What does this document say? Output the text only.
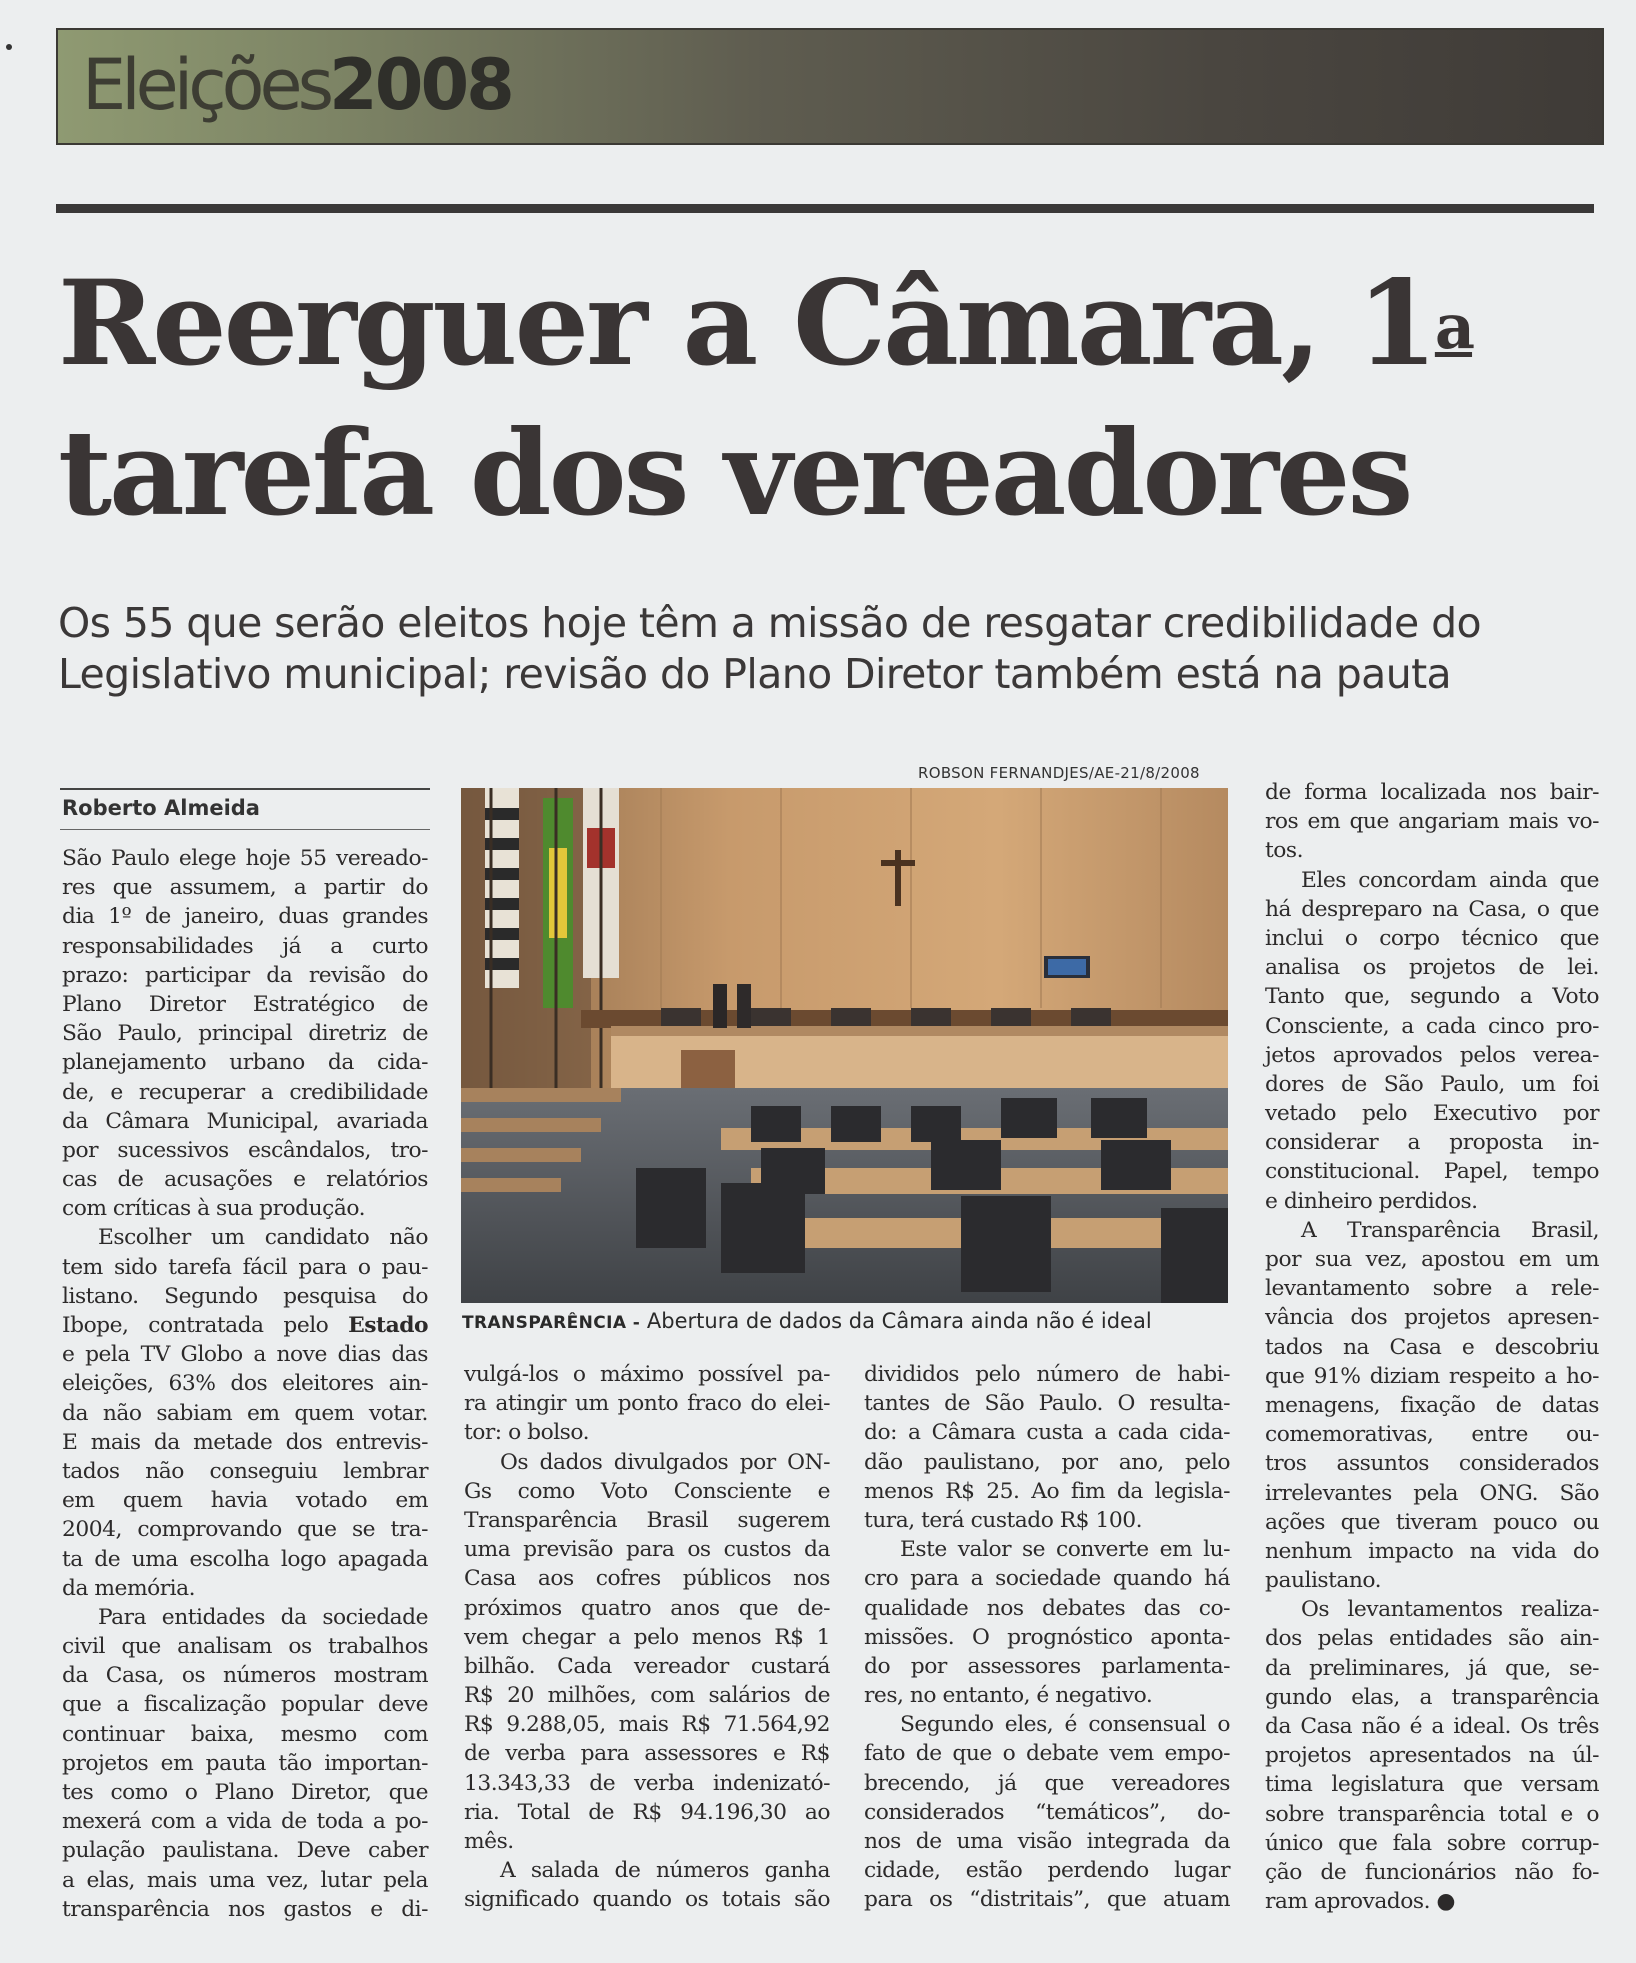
Eleições2008
Reerguer a Câmara, 1$^a$
tarefa dos vereadores
Os 55 que serão eleitos hoje têm a missão de resgatar credibilidade do
Legislativo municipal; revisão do Plano Diretor também está na pauta
Roberto Almeida
ROBSON FERNANDJES/AE-21/8/2008
TRANSPARÊNCIA - Abertura de dados da Câmara ainda não é ideal
São Paulo elege hoje 55 vereado-
res que assumem, a partir do
dia 1º de janeiro, duas grandes
responsabilidades já a curto
prazo: participar da revisão do
Plano Diretor Estratégico de
São Paulo, principal diretriz de
planejamento urbano da cida-
de, e recuperar a credibilidade
da Câmara Municipal, avariada
por sucessivos escândalos, tro-
cas de acusações e relatórios
com críticas à sua produção.
Escolher um candidato não
tem sido tarefa fácil para o pau-
listano. Segundo pesquisa do
Ibope, contratada pelo Estado
e pela TV Globo a nove dias das
eleições, 63% dos eleitores ain-
da não sabiam em quem votar.
E mais da metade dos entrevis-
tados não conseguiu lembrar
em quem havia votado em
2004, comprovando que se tra-
ta de uma escolha logo apagada
da memória.
Para entidades da sociedade
civil que analisam os trabalhos
da Casa, os números mostram
que a fiscalização popular deve
continuar baixa, mesmo com
projetos em pauta tão importan-
tes como o Plano Diretor, que
mexerá com a vida de toda a po-
pulação paulistana. Deve caber
a elas, mais uma vez, lutar pela
transparência nos gastos e di-
vulgá-los o máximo possível pa-
ra atingir um ponto fraco do elei-
tor: o bolso.
Os dados divulgados por ON-
Gs como Voto Consciente e
Transparência Brasil sugerem
uma previsão para os custos da
Casa aos cofres públicos nos
próximos quatro anos que de-
vem chegar a pelo menos R$ 1
bilhão. Cada vereador custará
R$ 20 milhões, com salários de
R$ 9.288,05, mais R$ 71.564,92
de verba para assessores e R$
13.343,33 de verba indenizató-
ria. Total de R$ 94.196,30 ao
mês.
A salada de números ganha
significado quando os totais são
divididos pelo número de habi-
tantes de São Paulo. O resulta-
do: a Câmara custa a cada cida-
dão paulistano, por ano, pelo
menos R$ 25. Ao fim da legisla-
tura, terá custado R$ 100.
Este valor se converte em lu-
cro para a sociedade quando há
qualidade nos debates das co-
missões. O prognóstico aponta-
do por assessores parlamenta-
res, no entanto, é negativo.
Segundo eles, é consensual o
fato de que o debate vem empo-
brecendo, já que vereadores
considerados “temáticos”, do-
nos de uma visão integrada da
cidade, estão perdendo lugar
para os “distritais”, que atuam
de forma localizada nos bair-
ros em que angariam mais vo-
tos.
Eles concordam ainda que
há despreparo na Casa, o que
inclui o corpo técnico que
analisa os projetos de lei.
Tanto que, segundo a Voto
Consciente, a cada cinco pro-
jetos aprovados pelos verea-
dores de São Paulo, um foi
vetado pelo Executivo por
considerar a proposta in-
constitucional. Papel, tempo
e dinheiro perdidos.
A Transparência Brasil,
por sua vez, apostou em um
levantamento sobre a rele-
vância dos projetos apresen-
tados na Casa e descobriu
que 91% diziam respeito a ho-
menagens, fixação de datas
comemorativas, entre ou-
tros assuntos considerados
irrelevantes pela ONG. São
ações que tiveram pouco ou
nenhum impacto na vida do
paulistano.
Os levantamentos realiza-
dos pelas entidades são ain-
da preliminares, já que, se-
gundo elas, a transparência
da Casa não é a ideal. Os três
projetos apresentados na úl-
tima legislatura que versam
sobre transparência total e o
único que fala sobre corrup-
ção de funcionários não fo-
ram aprovados. ●
